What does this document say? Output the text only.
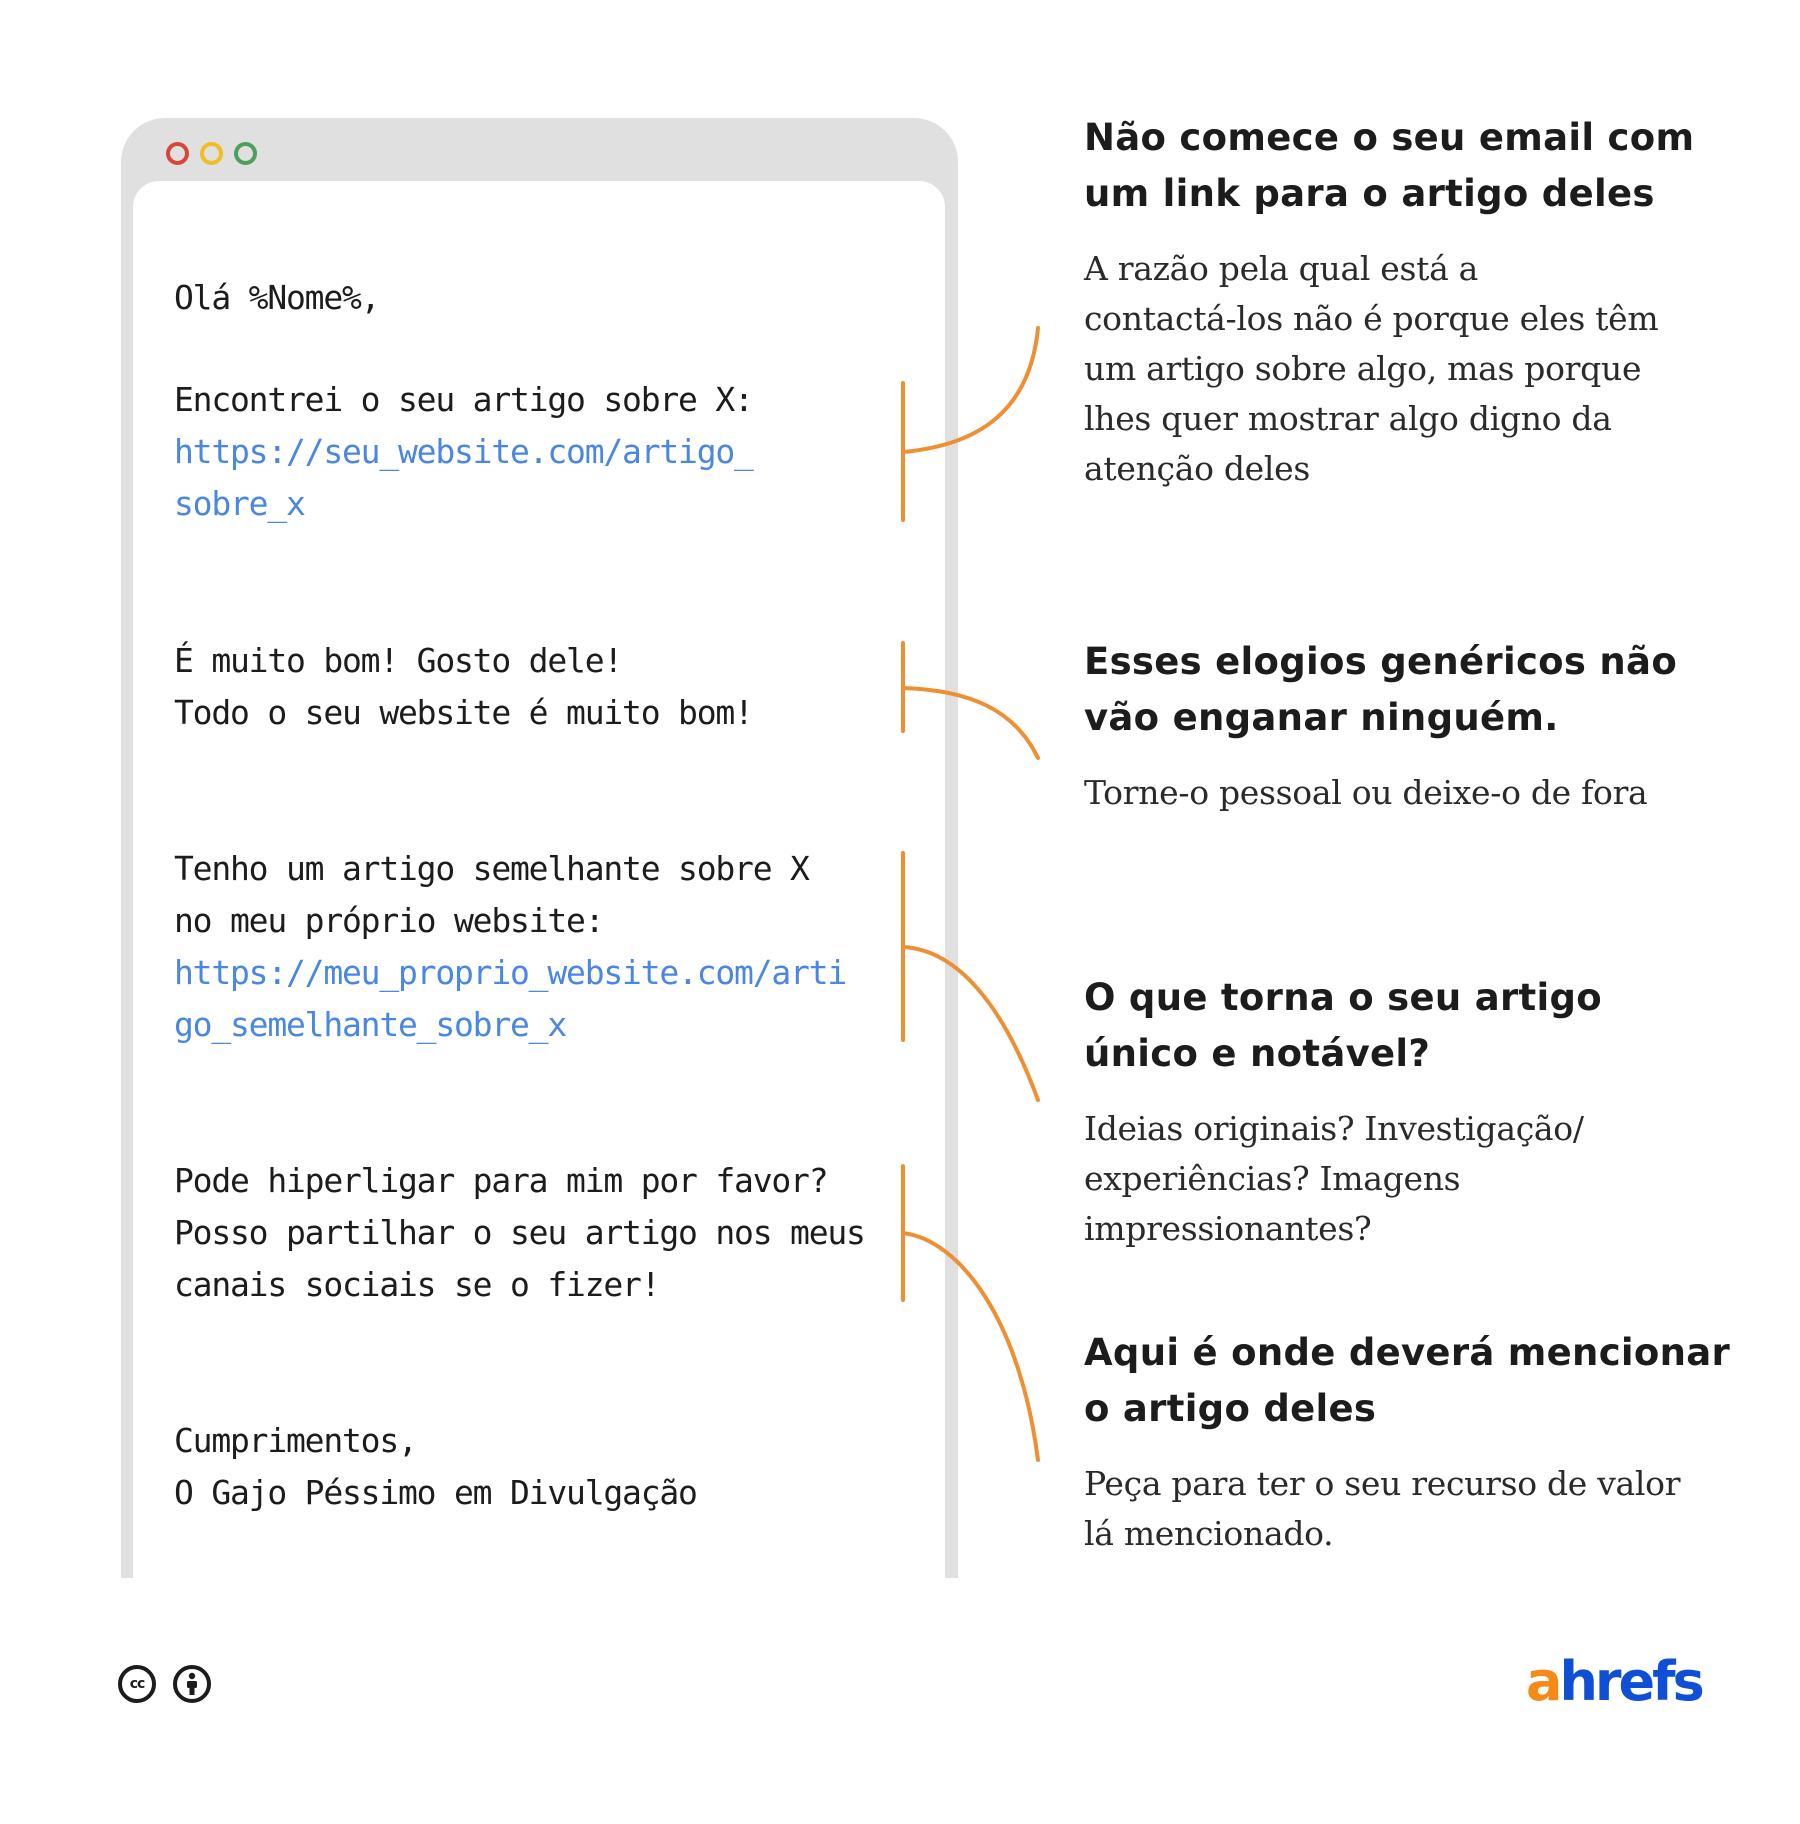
Olá %Nome%,
Encontrei o seu artigo sobre X:
https://seu_website.com/artigo_
sobre_x
É muito bom! Gosto dele!
Todo o seu website é muito bom!
Tenho um artigo semelhante sobre X
no meu próprio website:
https://meu_proprio_website.com/arti
go_semelhante_sobre_x
Pode hiperligar para mim por favor?
Posso partilhar o seu artigo nos meus
canais sociais se o fizer!
Cumprimentos,
O Gajo Péssimo em Divulgação
Não comece o seu email com
um link para o artigo deles
A razão pela qual está a
contactá-los não é porque eles têm
um artigo sobre algo, mas porque
lhes quer mostrar algo digno da
atenção deles
Esses elogios genéricos não
vão enganar ninguém.
Torne-o pessoal ou deixe-o de fora
O que torna o seu artigo
único e notável?
Ideias originais? Investigação/
experiências? Imagens
impressionantes?
Aqui é onde deverá mencionar
o artigo deles
Peça para ter o seu recurso de valor
lá mencionado.
cc	ahrefs
